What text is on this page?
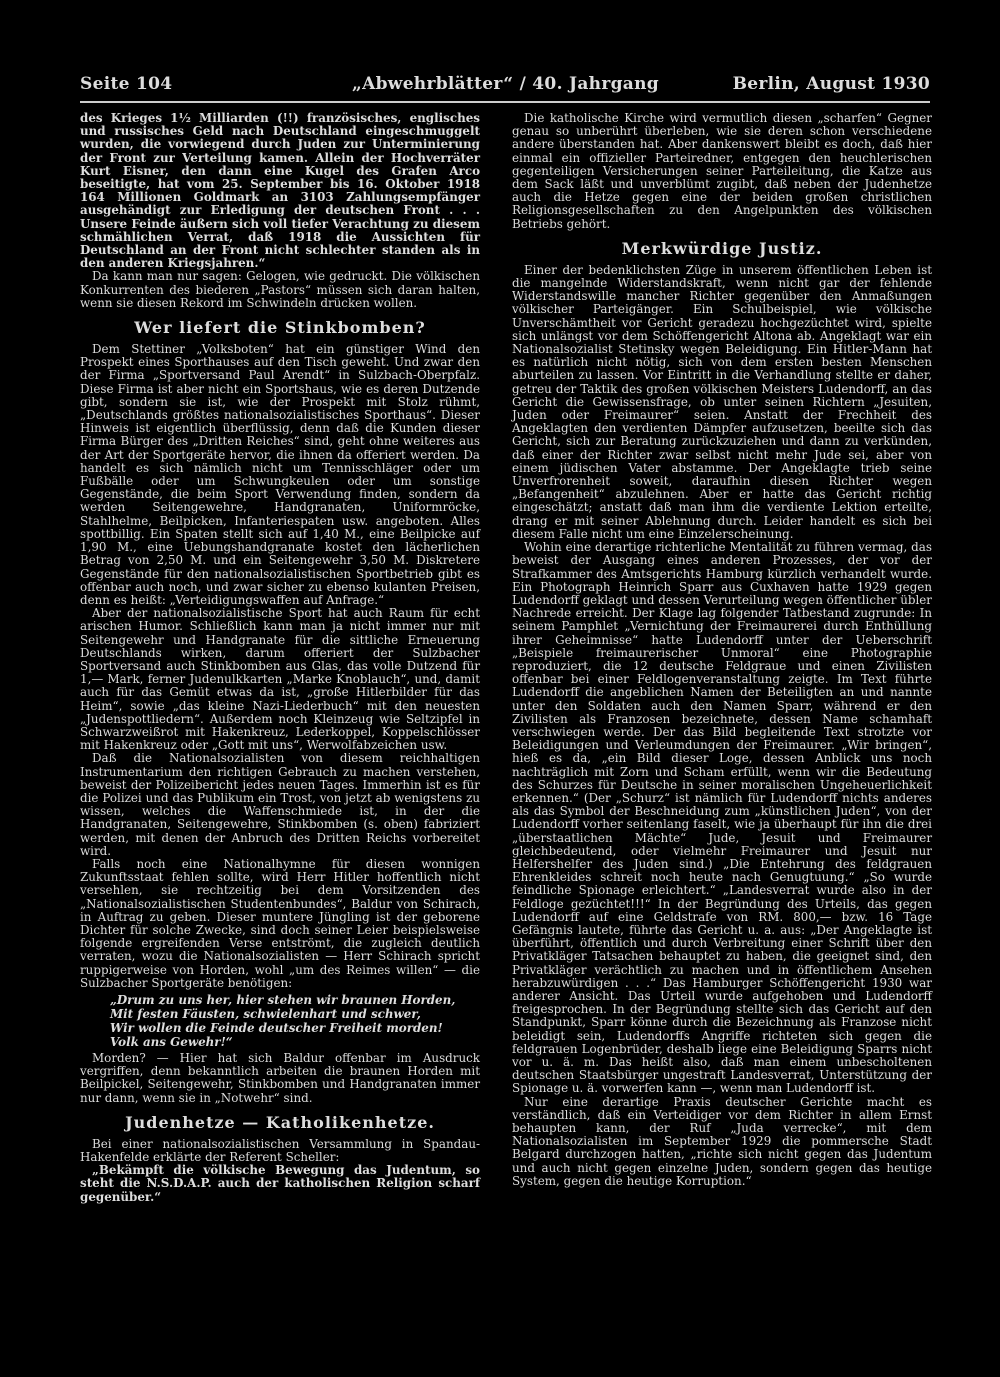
Seite 104	„Abwehrblätter“ / 40. Jahrgang	Berlin, August 1930

des Krieges 1½ Milliarden (!!) französisches, englisches und russisches Geld nach Deutschland eingeschmuggelt wurden, die vorwiegend durch Juden zur Unterminierung der Front zur Verteilung kamen. Allein der Hochverräter Kurt Eisner, den dann eine Kugel des Grafen Arco beseitigte, hat vom 25. September bis 16. Oktober 1918 164 Millionen Goldmark an 3103 Zahlungsempfänger ausgehändigt zur Erledigung der deutschen Front . . . Unsere Feinde äußern sich voll tiefer Verachtung zu diesem schmählichen Verrat, daß 1918 die Aussichten für Deutschland an der Front nicht schlechter standen als in den anderen Kriegsjahren.“

Da kann man nur sagen: Gelogen, wie gedruckt. Die völkischen Konkurrenten des biederen „Pastors“ müssen sich daran halten, wenn sie diesen Rekord im Schwindeln drücken wollen.

Wer liefert die Stinkbomben?

Dem Stettiner „Volksboten“ hat ein günstiger Wind den Prospekt eines Sporthauses auf den Tisch geweht. Und zwar den der Firma „Sportversand Paul Arendt“ in Sulzbach-Oberpfalz. Diese Firma ist aber nicht ein Sportshaus, wie es deren Dutzende gibt, sondern sie ist, wie der Prospekt mit Stolz rühmt, „Deutschlands größtes nationalsozialistisches Sporthaus“. Dieser Hinweis ist eigentlich überflüssig, denn daß die Kunden dieser Firma Bürger des „Dritten Reiches“ sind, geht ohne weiteres aus der Art der Sportgeräte hervor, die ihnen da offeriert werden. Da handelt es sich nämlich nicht um Tennisschläger oder um Fußbälle oder um Schwungkeulen oder um sonstige Gegenstände, die beim Sport Verwendung finden, sondern da werden Seitengewehre, Handgranaten, Uniformröcke, Stahlhelme, Beilpicken, Infanteriespaten usw. angeboten. Alles spottbillig. Ein Spaten stellt sich auf 1,40 M., eine Beilpicke auf 1,90 M., eine Uebungshandgranate kostet den lächerlichen Betrag von 2,50 M. und ein Seitengewehr 3,50 M. Diskretere Gegenstände für den nationalsozialistischen Sportbetrieb gibt es offenbar auch noch, und zwar sicher zu ebenso kulanten Preisen, denn es heißt: „Verteidigungswaffen auf Anfrage.“

Aber der nationalsozialistische Sport hat auch Raum für echt arischen Humor. Schließlich kann man ja nicht immer nur mit Seitengewehr und Handgranate für die sittliche Erneuerung Deutschlands wirken, darum offeriert der Sulzbacher Sportversand auch Stinkbomben aus Glas, das volle Dutzend für 1,— Mark, ferner Judenulkkarten „Marke Knoblauch“, und, damit auch für das Gemüt etwas da ist, „große Hitlerbilder für das Heim“, sowie „das kleine Nazi-Liederbuch“ mit den neuesten „Judenspottliedern“. Außerdem noch Kleinzeug wie Seltzipfel in Schwarzweißrot mit Hakenkreuz, Lederkoppel, Koppelschlösser mit Hakenkreuz oder „Gott mit uns“, Werwolfabzeichen usw.

Daß die Nationalsozialisten von diesem reichhaltigen Instrumentarium den richtigen Gebrauch zu machen verstehen, beweist der Polizeibericht jedes neuen Tages. Immerhin ist es für die Polizei und das Publikum ein Trost, von jetzt ab wenigstens zu wissen, welches die Waffenschmiede ist, in der die Handgranaten, Seitengewehre, Stinkbomben (s. oben) fabriziert werden, mit denen der Anbruch des Dritten Reichs vorbereitet wird.

Falls noch eine Nationalhymne für diesen wonnigen Zukunftsstaat fehlen sollte, wird Herr Hitler hoffentlich nicht versehlen, sie rechtzeitig bei dem Vorsitzenden des „Nationalsozialistischen Studentenbundes“, Baldur von Schirach, in Auftrag zu geben. Dieser muntere Jüngling ist der geborene Dichter für solche Zwecke, sind doch seiner Leier beispielsweise folgende ergreifenden Verse entströmt, die zugleich deutlich verraten, wozu die Nationalsozialisten — Herr Schirach spricht ruppigerweise von Horden, wohl „um des Reimes willen“ — die Sulzbacher Sportgeräte benötigen:

„Drum zu uns her, hier stehen wir braunen Horden,
Mit festen Fäusten, schwielenhart und schwer,
Wir wollen die Feinde deutscher Freiheit morden!
Volk ans Gewehr!“

Morden? — Hier hat sich Baldur offenbar im Ausdruck vergriffen, denn bekanntlich arbeiten die braunen Horden mit Beilpickel, Seitengewehr, Stinkbomben und Handgranaten immer nur dann, wenn sie in „Notwehr“ sind.

Judenhetze — Katholikenhetze.

Bei einer nationalsozialistischen Versammlung in Spandau-Hakenfelde erklärte der Referent Scheller:

„Bekämpft die völkische Bewegung das Judentum, so steht die N.S.D.A.P. auch der katholischen Religion scharf gegenüber.“

Die katholische Kirche wird vermutlich diesen „scharfen“ Gegner genau so unberührt überleben, wie sie deren schon verschiedene andere überstanden hat. Aber dankenswert bleibt es doch, daß hier einmal ein offizieller Parteiredner, entgegen den heuchlerischen gegenteiligen Versicherungen seiner Parteileitung, die Katze aus dem Sack läßt und unverblümt zugibt, daß neben der Judenhetze auch die Hetze gegen eine der beiden großen christlichen Religionsgesellschaften zu den Angelpunkten des völkischen Betriebs gehört.

Merkwürdige Justiz.

Einer der bedenklichsten Züge in unserem öffentlichen Leben ist die mangelnde Widerstandskraft, wenn nicht gar der fehlende Widerstandswille mancher Richter gegenüber den Anmaßungen völkischer Parteigänger. Ein Schulbeispiel, wie völkische Unverschämtheit vor Gericht geradezu hochgezüchtet wird, spielte sich unlängst vor dem Schöffengericht Altona ab. Angeklagt war ein Nationalsozialist Stetinsky wegen Beleidigung. Ein Hitler-Mann hat es natürlich nicht nötig, sich von dem ersten besten Menschen aburteilen zu lassen. Vor Eintritt in die Verhandlung stellte er daher, getreu der Taktik des großen völkischen Meisters Ludendorff, an das Gericht die Gewissensfrage, ob unter seinen Richtern „Jesuiten, Juden oder Freimaurer“ seien. Anstatt der Frechheit des Angeklagten den verdienten Dämpfer aufzusetzen, beeilte sich das Gericht, sich zur Beratung zurückzuziehen und dann zu verkünden, daß einer der Richter zwar selbst nicht mehr Jude sei, aber von einem jüdischen Vater abstamme. Der Angeklagte trieb seine Unverfrorenheit soweit, daraufhin diesen Richter wegen „Befangenheit“ abzulehnen. Aber er hatte das Gericht richtig eingeschätzt; anstatt daß man ihm die verdiente Lektion erteilte, drang er mit seiner Ablehnung durch. Leider handelt es sich bei diesem Falle nicht um eine Einzelerscheinung.

Wohin eine derartige richterliche Mentalität zu führen vermag, das beweist der Ausgang eines anderen Prozesses, der vor der Strafkammer des Amtsgerichts Hamburg kürzlich verhandelt wurde. Ein Photograph Heinrich Sparr aus Cuxhaven hatte 1929 gegen Ludendorff geklagt und dessen Verurteilung wegen öffentlicher übler Nachrede erreicht. Der Klage lag folgender Tatbestand zugrunde: In seinem Pamphlet „Vernichtung der Freimaurerei durch Enthüllung ihrer Geheimnisse“ hatte Ludendorff unter der Ueberschrift „Beispiele freimaurerischer Unmoral“ eine Photographie reproduziert, die 12 deutsche Feldgraue und einen Zivilisten offenbar bei einer Feldlogenveranstaltung zeigte. Im Text führte Ludendorff die angeblichen Namen der Beteiligten an und nannte unter den Soldaten auch den Namen Sparr, während er den Zivilisten als Franzosen bezeichnete, dessen Name schamhaft verschwiegen werde. Der das Bild begleitende Text strotzte vor Beleidigungen und Verleumdungen der Freimaurer. „Wir bringen“, hieß es da, „ein Bild dieser Loge, dessen Anblick uns noch nachträglich mit Zorn und Scham erfüllt, wenn wir die Bedeutung des Schurzes für Deutsche in seiner moralischen Ungeheuerlichkeit erkennen.“ (Der „Schurz“ ist nämlich für Ludendorff nichts anderes als das Symbol der Beschneidung zum „künstlichen Juden“, von der Ludendorff vorher seitenlang faselt, wie ja überhaupt für ihn die drei „überstaatlichen Mächte“ Jude, Jesuit und Freimaurer gleichbedeutend, oder vielmehr Freimaurer und Jesuit nur Helfershelfer des Juden sind.) „Die Entehrung des feldgrauen Ehrenkleides schreit noch heute nach Genugtuung.“ „So wurde feindliche Spionage erleichtert.“ „Landesverrat wurde also in der Feldloge gezüchtet!!!“ In der Begründung des Urteils, das gegen Ludendorff auf eine Geldstrafe von RM. 800,— bzw. 16 Tage Gefängnis lautete, führte das Gericht u. a. aus: „Der Angeklagte ist überführt, öffentlich und durch Verbreitung einer Schrift über den Privatkläger Tatsachen behauptet zu haben, die geeignet sind, den Privatkläger verächtlich zu machen und in öffentlichem Ansehen herabzuwürdigen . . .“ Das Hamburger Schöffengericht 1930 war anderer Ansicht. Das Urteil wurde aufgehoben und Ludendorff freigesprochen. In der Begründung stellte sich das Gericht auf den Standpunkt, Sparr könne durch die Bezeichnung als Franzose nicht beleidigt sein, Ludendorffs Angriffe richteten sich gegen die feldgrauen Logenbrüder, deshalb liege eine Beleidigung Sparrs nicht vor u. ä. m. Das heißt also, daß man einem unbescholtenen deutschen Staatsbürger ungestraft Landesverrat, Unterstützung der Spionage u. ä. vorwerfen kann —, wenn man Ludendorff ist.

Nur eine derartige Praxis deutscher Gerichte macht es verständlich, daß ein Verteidiger vor dem Richter in allem Ernst behaupten kann, der Ruf „Juda verrecke“, mit dem Nationalsozialisten im September 1929 die pommersche Stadt Belgard durchzogen hatten, „richte sich nicht gegen das Judentum und auch nicht gegen einzelne Juden, sondern gegen das heutige System, gegen die heutige Korruption.“
